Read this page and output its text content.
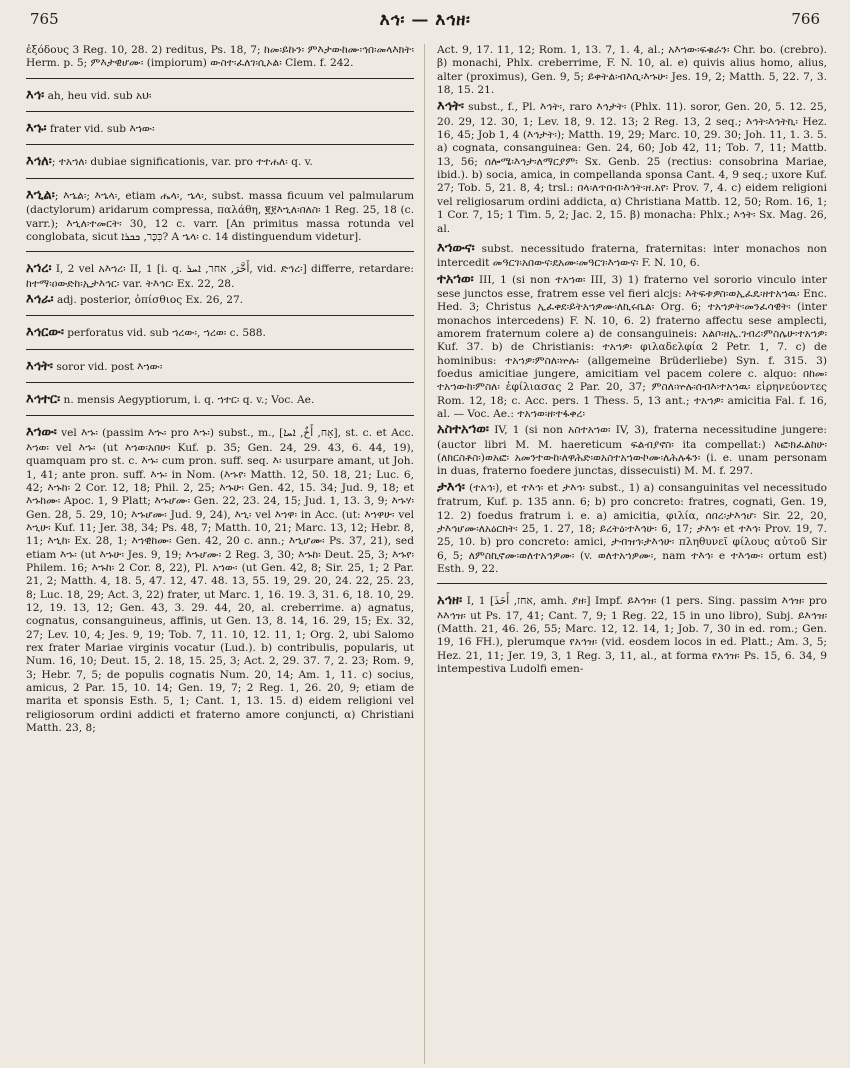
765	እኅ፡ — እኅዘ፡	766

ἐξόδους 3 Reg. 10, 28. 2) reditus, Ps. 18, 7; ከመ፡ይኩን፡ ምእታውከሙ፡ኅበ፡መላእክት፡ Herm. p. 5; ምእታዊሆሙ፡ (impiorum) ውስተ፡ፈለገ፡ሲኦል፡ Clem. f. 242.

እኅ፡ ah, heu vid. sub አህ፡

እኁ፡ frater vid. sub እኀው፡

እኅለ፡; ተአኀለ፡ dubiae significationis, var. pro ተተሐለ፡ q. v.

እኂል፡; እኄል፡; እኄላ፡, etiam ሔላ፡, ኄላ፡, subst. massa ficuum vel palmularum (dactylorum) aridarum compressa, παλάθη, ፪፻እኂለ፡በለስ፡ 1 Reg. 25, 18 (c. varr.); እኂለ፡ተመርት፡ 30, 12 c. varr. [An primitus massa rotunda vel conglobata, sicut כִּכָּר, ܟܟܪܐ? A ኄላ፡ c. 14 distinguendum videtur].

አኀረ፡ I, 2 vel አእኀረ፡ II, 1 [i. q. أَخَّرَ, אחר, ܐܚܪ, vid. ድኅረ፡] differre, retardare: ከተማ፡ዐውድከ፡ኢታእኅር፡ var. ትእኅር፡ Ex. 22, 28.

እኅራ፡ adj. posterior, ὀπίσθιος Ex. 26, 27.

እኅርው፡ perforatus vid. sub ኀረው፡, ኀረወ፡ c. 588.

እኅት፡ soror vid. post እኀው፡

እኅተር፡ n. mensis Aegyptiorum, i. q. ኀተር፡ q. v.; Voc. Ae.

እኀው፡ vel እኁ፡ (passim እኊ፡ pro እኁ፡) subst., m., [אָח, أَخٌ, ܐܚܐ], st. c. et Acc. እኀወ፡ vel እኁ፡ (ut እኀወ፡አበሁ፡ Kuf. p. 35; Gen. 24, 29. 43, 6. 44, 19), quamquam pro st. c. እኁ፡ cum pron. suff. seq. እ፡ usurpare amant, ut Joh. 1, 41; ante pron. suff. እኁ፡ in Nom. (እኁየ፡ Matth. 12, 50. 18, 21; Luc. 6, 42; እኁከ፡ 2 Cor. 12, 18; Phil. 2, 25; እኁሁ፡ Gen. 42, 15. 34; Jud. 9, 18; et እኁከሙ፡ Apoc. 1, 9 Platt; እኁሆሙ፡ Gen. 22, 23. 24, 15; Jud. 1, 13. 3, 9; እኁሃ፡ Gen. 28, 5. 29, 10; እኁሆሙ፡ Jud. 9, 24), እኂ፡ vel እኀዋ፡ in Acc. (ut: እኀዋሁ፡ vel እኂሁ፡ Kuf. 11; Jer. 38, 34; Ps. 48, 7; Matth. 10, 21; Marc. 13, 12; Hebr. 8, 11; እኂከ፡ Ex. 28, 1; እኀዊከሙ፡ Gen. 42, 20 c. ann.; እኂሆሙ፡ Ps. 37, 21), sed etiam እኁ፡ (ut እኁሁ፡ Jes. 9, 19; እኁሆሙ፡ 2 Reg. 3, 30; እኁከ፡ Deut. 25, 3; እኁየ፡ Philem. 16; እኁከ፡ 2 Cor. 8, 22), Pl. አኀው፡ (ut Gen. 42, 8; Sir. 25, 1; 2 Par. 21, 2; Matth. 4, 18. 5, 47. 12, 47. 48. 13, 55. 19, 29. 20, 24. 22, 25. 23, 8; Luc. 18, 29; Act. 3, 22) frater, ut Marc. 1, 16. 19. 3, 31. 6, 18. 10, 29. 12, 19. 13, 12; Gen. 43, 3. 29. 44, 20, al. creberrime. a) agnatus, cognatus, consanguineus, affinis, ut Gen. 13, 8. 14, 16. 29, 15; Ex. 32, 27; Lev. 10, 4; Jes. 9, 19; Tob. 7, 11. 10, 12. 11, 1; Org. 2, ubi Salomo rex frater Mariae virginis vocatur (Lud.). b) contribulis, popularis, ut Num. 16, 10; Deut. 15, 2. 18, 15. 25, 3; Act. 2, 29. 37. 7, 2. 23; Rom. 9, 3; Hebr. 7, 5; de populis cognatis Num. 20, 14; Am. 1, 11. c) socius, amicus, 2 Par. 15, 10. 14; Gen. 19, 7; 2 Reg. 1, 26. 20, 9; etiam de marita et sponsis Esth. 5, 1; Cant. 1, 13. 15. d) eidem religioni vel religiosorum ordini addicti et fraterno amore conjuncti, α) Christiani Matth. 23, 8;

Act. 9, 17. 11, 12; Rom. 1, 13. 7, 1. 4, al.; አእኀው፡ፍቁራን፡ Chr. bo. (crebro). β) monachi, Phlx. creberrime, F. N. 10, al. e) quivis alius homo, alius, alter (proximus), Gen. 9, 5; ይቀትል፡ብእሲ፡እኁሁ፡ Jes. 19, 2; Matth. 5, 22. 7, 3. 18, 15. 21.

እኅት፡ subst., f., Pl. እኅት፡, raro እኅታት፡ (Phlx. 11). soror, Gen. 20, 5. 12. 25, 20. 29, 12. 30, 1; Lev. 18, 9. 12. 13; 2 Reg. 13, 2 seq.; እኅት፡እኅትኪ፡ Hez. 16, 45; Job 1, 4 (እኅታት፡); Matth. 19, 29; Marc. 10, 29. 30; Joh. 11, 1. 3. 5. a) cognata, consanguinea: Gen. 24, 60; Job 42, 11; Tob. 7, 11; Mattb. 13, 56; ሰሎሜ፡እኅታ፡ለማርያም፡ Sx. Genb. 25 (rectius: consobrina Mariae, ibid.). b) socia, amica, in compellanda sponsa Cant. 4, 9 seq.; uxore Kuf. 27; Tob. 5, 21. 8, 4; trsl.: በላ፡ለጥበብ፡እኅት፡ዘ.አየ፡ Prov. 7, 4. c) eidem religioni vel religiosarum ordini addicta, α) Christiana Mattb. 12, 50; Rom. 16, 1; 1 Cor. 7, 15; 1 Tim. 5, 2; Jac. 2, 15. β) monacha: Phlx.; እኅት፡ Sx. Mag. 26, al.

እኀውና፡ subst. necessitudo fraterna, fraternitas: inter monachos non intercedit መዓርገ፡አበውና፡ደአሙ፡መዓርገ፡እኀውና፡ F. N. 10, 6.

ተአኀወ፡ III, 1 (si non ተአኀወ፡ III, 3) 1) fraterno vel sororio vinculo inter sese junctos esse, fratrem esse vel fieri alcjs: እትፍቱዎስ፡ወኢፈዴ፡ዘተአኀዉ፡ Enc. Hed. 3; Christus ኢፈቀደ፡ይትአኀዎሙ፡ለኪሩቤል፡ Org. 6; ተአኀዎት፡መንፈሳዊት፡ (inter monachos intercedens) F. N. 10, 6. 2) fraterno affectu sese amplecti, amorem fraternum colere a) de consanguineis: አልቦ፡ዘኢ.ገብረ፡ምስሌሁ፡ተአኀዎ፡ Kuf. 37. b) de Christianis: ተአኀዎ፡ φιλαδελφία 2 Petr. 1, 7. c) de hominibus: ተአኀዎ፡ምስለ፡ኵሉ፡ (allgemeine Brüderliebe) Syn. f. 315. 3) foedus amicitiae jungere, amicitiam vel pacem colere c. alquo: በከመ፡ተአኀውከ፡ምስለ፡ ἐφίλιασας 2 Par. 20, 37; ምስለ፡ኵሉ፡ሰብእ፡ተአኀዉ፡ εἰρηνεύοντες Rom. 12, 18; c. Acc. pers. 1 Thess. 5, 13 ant.; ተአኀዎ፡ amicitia Fal. f. 16, al. — Voc. Ae.: ተአኀወ፡ዘ፡ተፋቀረ፡

አስተአኀወ፡ IV, 1 (si non አስተአኀወ፡ IV, 3), fraterna necessitudine jungere: (auctor libri M. M. haereticum ፍልብያኖስ፡ ita compellat:) እፎ፡ክፈልከሁ፡(ለክርስቶስ፡)ወአፎ፡ አመንተውከ፡ለዋሕድ፡ወአስተአኀውኮሙ፡ለሕሉፋን፡ (i. e. unam personam in duas, fraterno foedere junctas, dissecuisti) M. M. f. 297.

ታእኅ፡ (ተአኅ፡), et ተእኅ፡ et ታእኅ፡ subst., 1) a) consanguinitas vel necessitudo fratrum, Kuf. p. 135 ann. 6; b) pro concreto: fratres, cognati, Gen. 19, 12. 2) foedus fratrum i. e. a) amicitia, φιλία, ሰበረ፡ታእኅሆ፡ Sir. 22, 20, ታእኅሆሙ፡ለአዕርክት፡ 25, 1. 27, 18; ይረትዕ፡ተእኅሁ፡ 6, 17; ታእኅ፡ et ተእኅ፡ Prov. 19, 7. 25, 10. b) pro concreto: amici, ታብዝኅ፡ታእኅሁ፡ πληθυνεῖ φίλους αὐτοῦ Sir 6, 5; ለምስኪኖሙ፡ወለተአኅዎሙ፡ (v. ወለተአኀዎሙ፡, nam ተእኅ፡ e ተእኅው፡ ortum est) Esth. 9, 22.

አኅዘ፡ I, 1 [אחז, أَخَذَ, amh. ያዘ፡] Impf. ይእኅዝ፡ (1 pers. Sing. passim እኅዝ፡ pro እእኅዝ፡ ut Ps. 17, 41; Cant. 7, 9; 1 Reg. 22, 15 in uno libro), Subj. ይእኅዝ፡ (Matth. 21, 46. 26, 55; Marc. 12, 12. 14, 1; Job. 7, 30 in ed. rom.; Gen. 19, 16 FH.), plerumque የአኅዝ፡ (vid. eosdem locos in ed. Platt.; Am. 3, 5; Hez. 21, 11; Jer. 19, 3, 1 Reg. 3, 11, al., at forma የአኅዝ፡ Ps. 15, 6. 34, 9 intempestiva Ludolfi emen-
